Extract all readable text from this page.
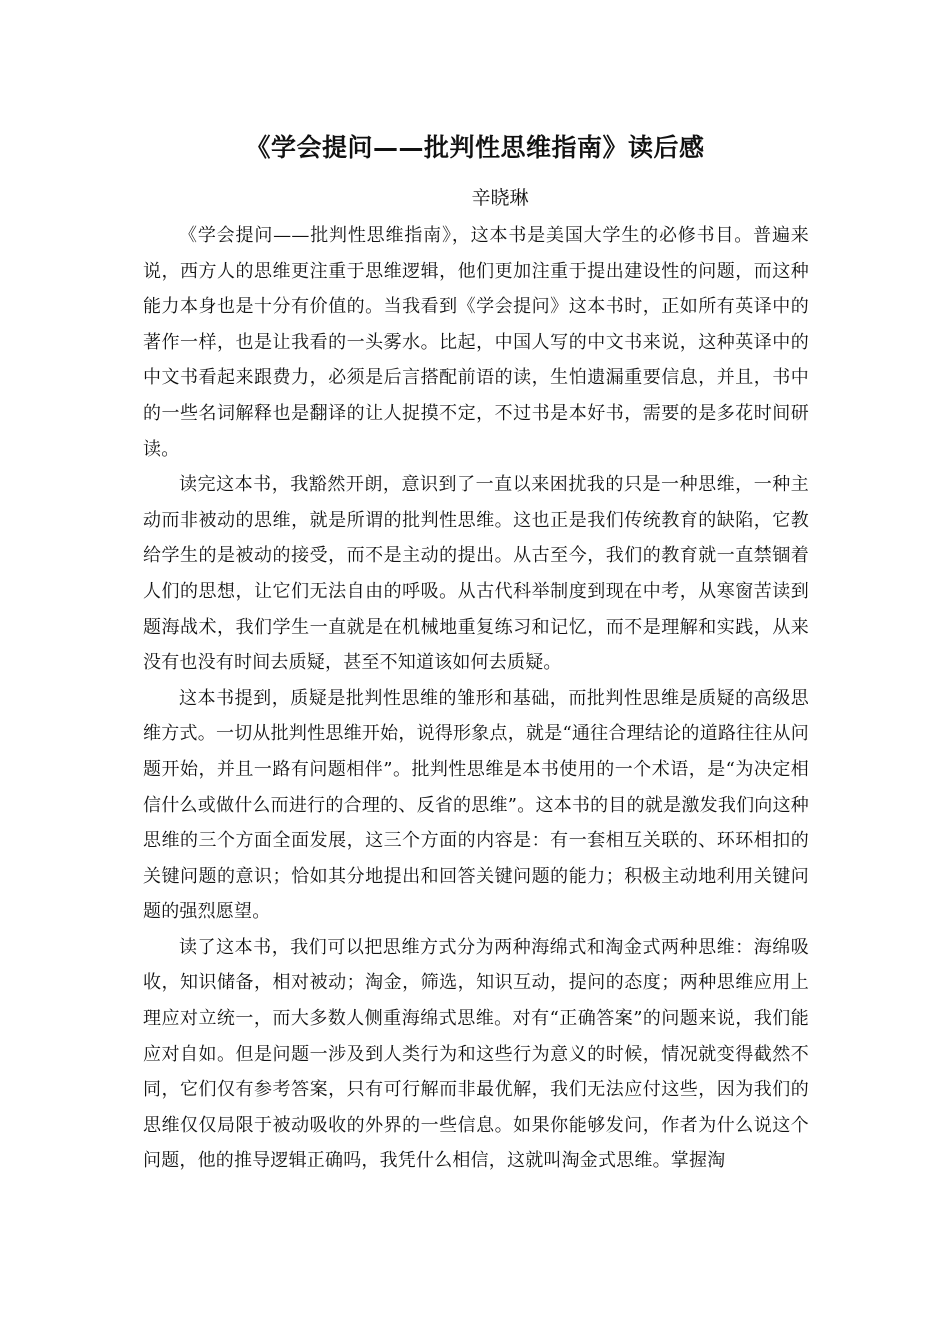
《学会提问——批判性思维指南》读后感

辛晓琳

《学会提问——批判性思维指南》，这本书是美国大学生的必修书目。普遍来说，西方人的思维更注重于思维逻辑，他们更加注重于提出建设性的问题，而这种能力本身也是十分有价值的。当我看到《学会提问》这本书时，正如所有英译中的著作一样，也是让我看的一头雾水。比起，中国人写的中文书来说，这种英译中的中文书看起来跟费力，必须是后言搭配前语的读，生怕遗漏重要信息，并且，书中的一些名词解释也是翻译的让人捉摸不定，不过书是本好书，需要的是多花时间研读。

读完这本书，我豁然开朗，意识到了一直以来困扰我的只是一种思维，一种主动而非被动的思维，就是所谓的批判性思维。这也正是我们传统教育的缺陷，它教给学生的是被动的接受，而不是主动的提出。从古至今，我们的教育就一直禁锢着人们的思想，让它们无法自由的呼吸。从古代科举制度到现在中考，从寒窗苦读到题海战术，我们学生一直就是在机械地重复练习和记忆，而不是理解和实践，从来没有也没有时间去质疑，甚至不知道该如何去质疑。

这本书提到，质疑是批判性思维的雏形和基础，而批判性思维是质疑的高级思维方式。一切从批判性思维开始，说得形象点，就是“通往合理结论的道路往往从问题开始，并且一路有问题相伴”。批判性思维是本书使用的一个术语，是“为决定相信什么或做什么而进行的合理的、反省的思维”。这本书的目的就是激发我们向这种思维的三个方面全面发展，这三个方面的内容是：有一套相互关联的、环环相扣的关键问题的意识；恰如其分地提出和回答关键问题的能力；积极主动地利用关键问题的强烈愿望。

读了这本书，我们可以把思维方式分为两种海绵式和淘金式两种思维：海绵吸收，知识储备，相对被动；淘金，筛选，知识互动，提问的态度；两种思维应用上理应对立统一，而大多数人侧重海绵式思维。对有“正确答案”的问题来说，我们能应对自如。但是问题一涉及到人类行为和这些行为意义的时候，情况就变得截然不同，它们仅有参考答案，只有可行解而非最优解，我们无法应付这些，因为我们的思维仅仅局限于被动吸收的外界的一些信息。如果你能够发问，作者为什么说这个问题，他的推导逻辑正确吗，我凭什么相信，这就叫淘金式思维。掌握淘
